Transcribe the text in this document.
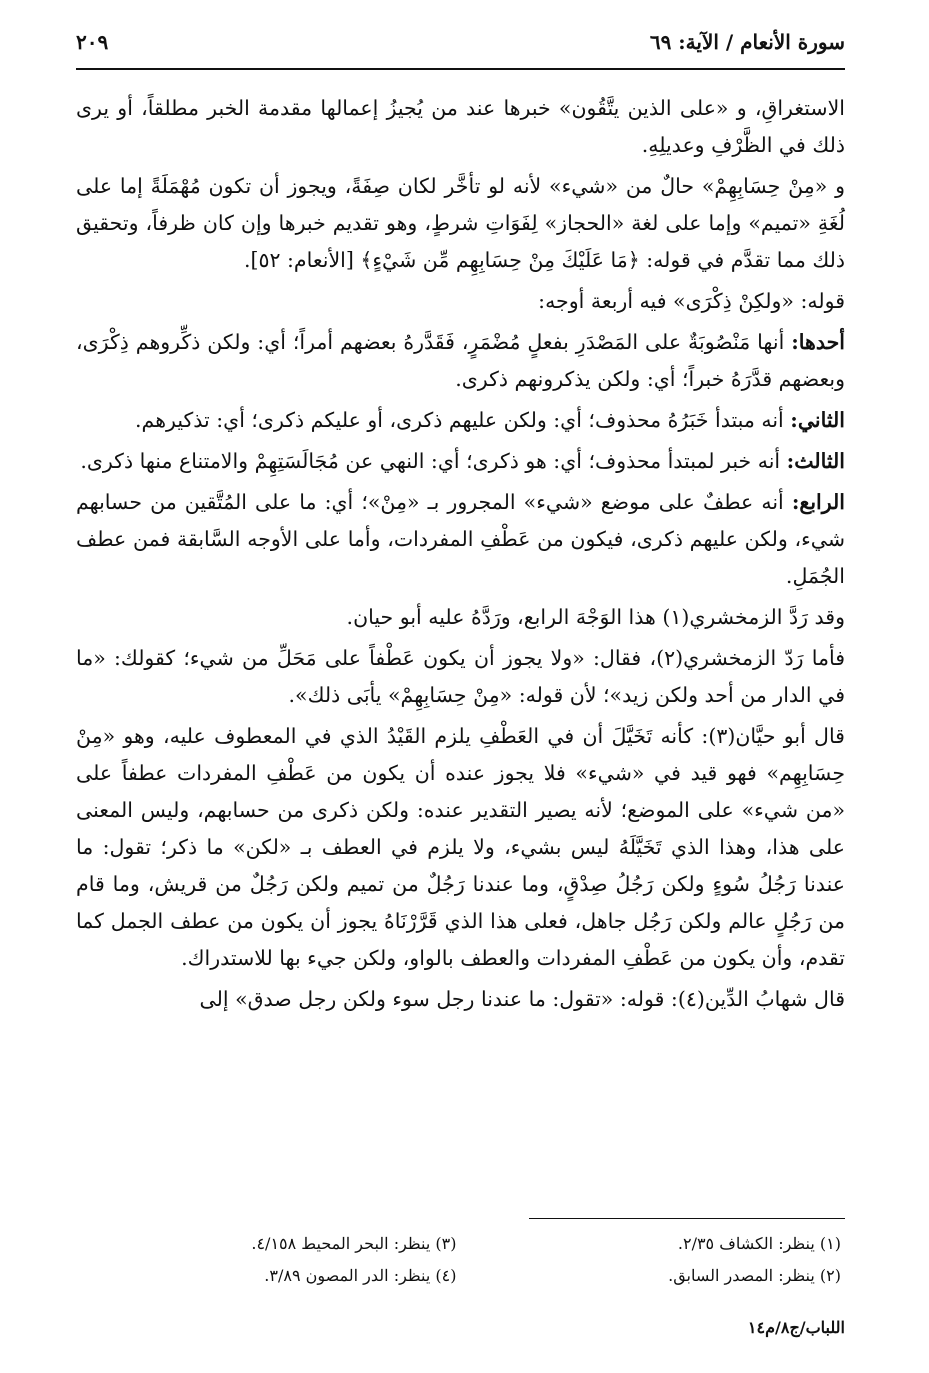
سورة الأنعام / الآية: ٦٩
٢٠٩

الاستغراقِ، و «على الذين يتَّقُون» خبرها عند من يُجيزُ إعمالها مقدمة الخبر مطلقاً، أو يرى ذلك في الظَّرْفِ وعديلِهِ.

و «مِنْ حِسَابِهِمْ» حالٌ من «شيء» لأنه لو تأخَّر لكان صِفَةً، ويجوز أن تكون مُهْمَلَةً إما على لُغَةِ «تميم» وإما على لغة «الحجاز» لِفَوَاتِ شرطٍ، وهو تقديم خبرها وإن كان ظرفاً، وتحقيق ذلك مما تقدَّم في قوله: ﴿مَا عَلَيْكَ مِنْ حِسَابِهِم مِّن شَيْءٍ﴾ [الأنعام: ٥٢].

قوله: «ولكِنْ ذِكْرَى» فيه أربعة أوجه:

أحدها: أنها مَنْصُوبَةٌ على المَصْدَرِ بفعلٍ مُضْمَرٍ، فَقَدَّرهُ بعضهم أمراً؛ أي: ولكن ذكِّروهم ذِكْرَى، وبعضهم قدَّرَهُ خبراً؛ أي: ولكن يذكرونهم ذكرى.

الثاني: أنه مبتدأ خَبَرُهُ محذوف؛ أي: ولكن عليهم ذكرى، أو عليكم ذكرى؛ أي: تذكيرهم.

الثالث: أنه خبر لمبتدأ محذوف؛ أي: هو ذكرى؛ أي: النهي عن مُجَالَسَتِهِمْ والامتناع منها ذكرى.

الرابع: أنه عطفٌ على موضع «شيء» المجرور بـ «مِنْ»؛ أي: ما على المُتَّقين من حسابهم شيء، ولكن عليهم ذكرى، فيكون من عَطْفِ المفردات، وأما على الأوجه السَّابقة فمن عطف الجُمَلِ.

وقد رَدَّ الزمخشري(١) هذا الوَجْهَ الرابع، ورَدَّهُ عليه أبو حيان.

فأما رَدّ الزمخشري(٢)، فقال: «ولا يجوز أن يكون عَطْفاً على مَحَلِّ من شيء؛ كقولك: «ما في الدار من أحد ولكن زيد»؛ لأن قوله: «مِنْ حِسَابِهِمْ» يأبَى ذلك».

قال أبو حيَّان(٣): كأنه تَخَيَّلَ أن في العَطْفِ يلزم القَيْدُ الذي في المعطوف عليه، وهو «مِنْ حِسَابِهِم» فهو قيد في «شيء» فلا يجوز عنده أن يكون من عَطْفِ المفردات عطفاً على «من شيء» على الموضع؛ لأنه يصير التقدير عنده: ولكن ذكرى من حسابهم، وليس المعنى على هذا، وهذا الذي تَخَيَّلَهُ ليس بشيء، ولا يلزم في العطف بـ «لكن» ما ذكر؛ تقول: ما عندنا رَجُلُ سُوءٍ ولكن رَجُلُ صِدْقٍ، وما عندنا رَجُلٌ من تميم ولكن رَجُلٌ من قريش، وما قام من رَجُلٍ عالم ولكن رَجُل جاهل، فعلى هذا الذي قَرَّرْنَاهُ يجوز أن يكون من عطف الجمل كما تقدم، وأن يكون من عَطْفِ المفردات والعطف بالواو، ولكن جيء بها للاستدراك.

قال شهابُ الدِّين(٤): قوله: «تقول: ما عندنا رجل سوء ولكن رجل صدق» إلى

(١) ينظر: الكشاف ٢/٣٥.
(٣) ينظر: البحر المحيط ٤/١٥٨.
(٢) ينظر: المصدر السابق.
(٤) ينظر: الدر المصون ٣/٨٩.
اللباب/ج٨/م١٤
